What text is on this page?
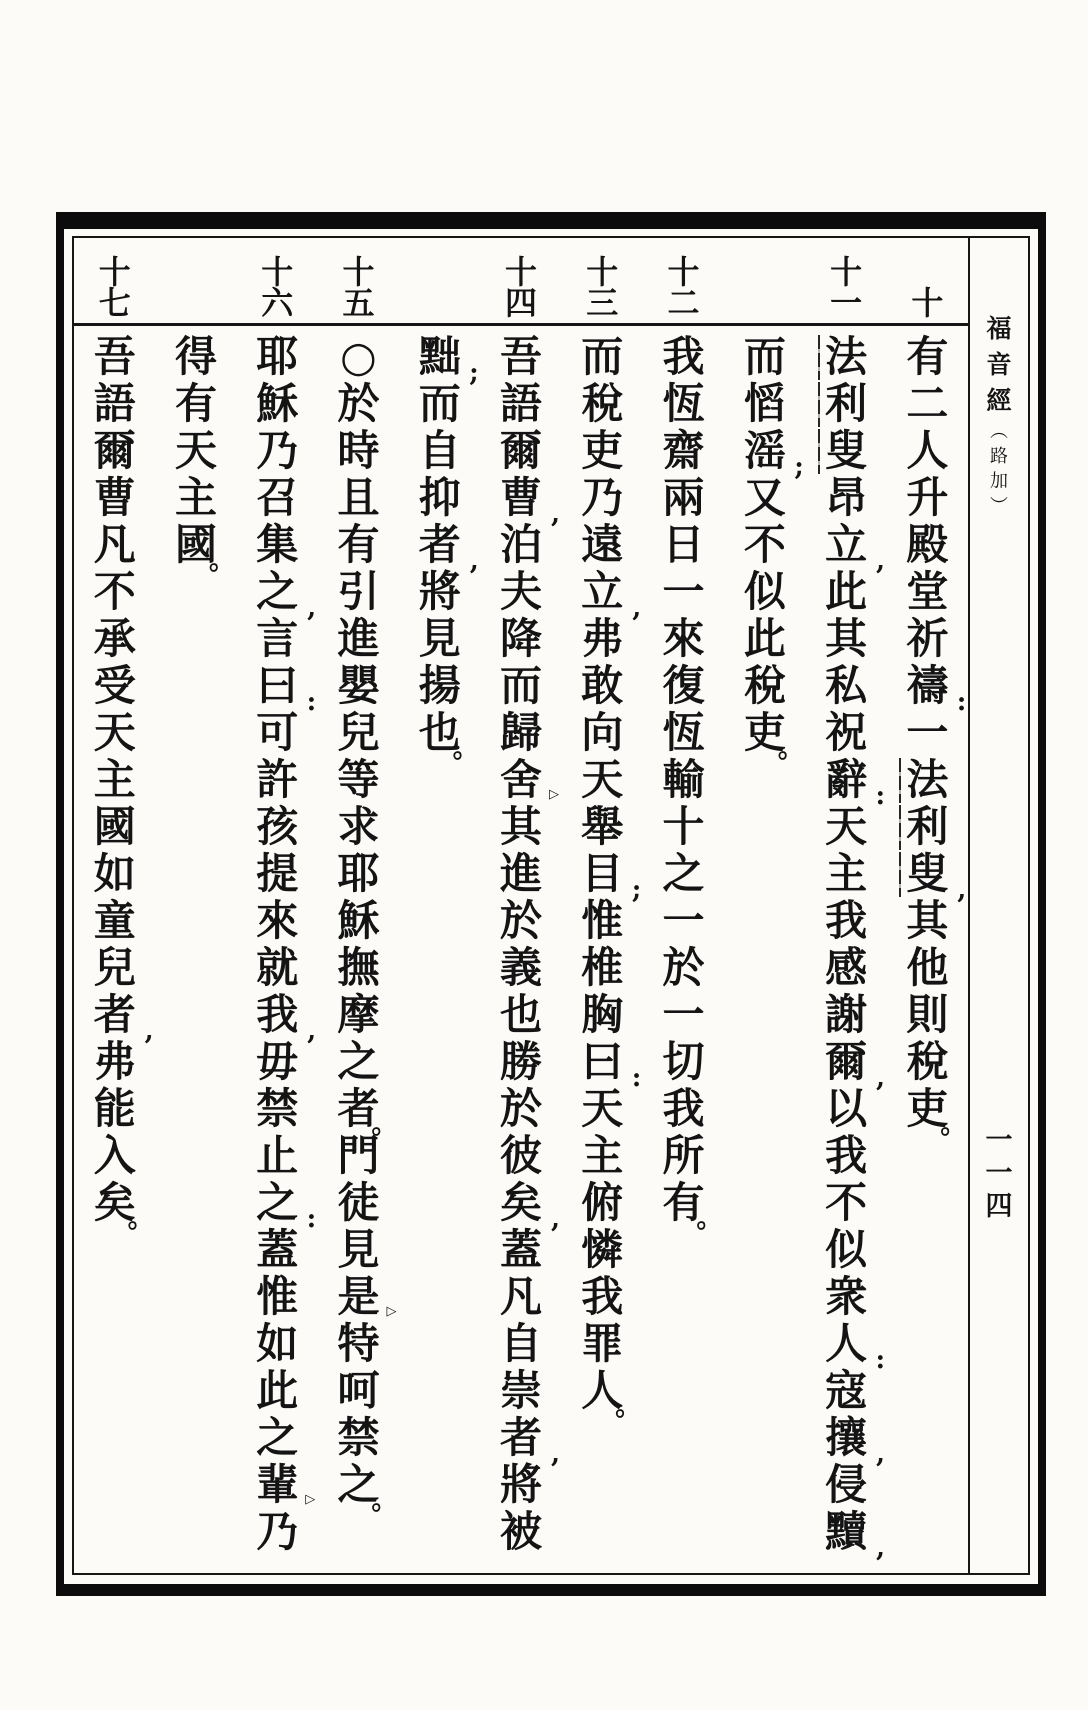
十
十
一
十
二
十
三
十
四
十
五
十
六
十
七
有
二
人
升
殿
堂
祈
禱 :
一
法
利
叟 ,
其
他
則
稅
吏
。
法
利
叟
昂
立 ,
此
其
私
祝
辭 :
天
主
我
感
謝
爾 ,
以
我
不
似
衆
人 :
寇
攘 ,
侵
黷 ,
而
慆
滛 ;
又
不
似
此
稅
吏
。
我
恆
齋
兩
日
一
來
復
恆
輸
十
之
一
於
一
切
我
所
有
。
而
稅
吏
乃
遠
立 ,
弗
敢
向
天
舉
目 ;
惟
椎
胸
曰 :
天
主
俯
憐
我
罪
人
。
吾
語
爾
曹 ,
泊
夫
降
而
歸
舍 ▷
其
進
於
義
也
勝
於
彼
矣 ,
蓋
凡
自
崇
者 ,
將
被
黜 ;
而
自
抑
者 ,
將
見
揚
也
。
○
於
時
且
有
引
進
嬰
兒
等
求
耶
穌
撫
摩
之
者
。
門
徒
見
是 ▷
特
呵
禁
之
。
耶
穌
乃
召
集
之 ,
言
曰 :
可
許
孩
提
來
就
我 ,
毋
禁
止
之 :
蓋
惟
如
此
之
輩 ▷
乃
得
有
天
主
國
。
吾
語
爾
曹
凡
不
承
受
天
主
國
如
童
兒
者 ,
弗
能
入
矣
。
福
音
經
︵
路
加
︶
一
一
四
